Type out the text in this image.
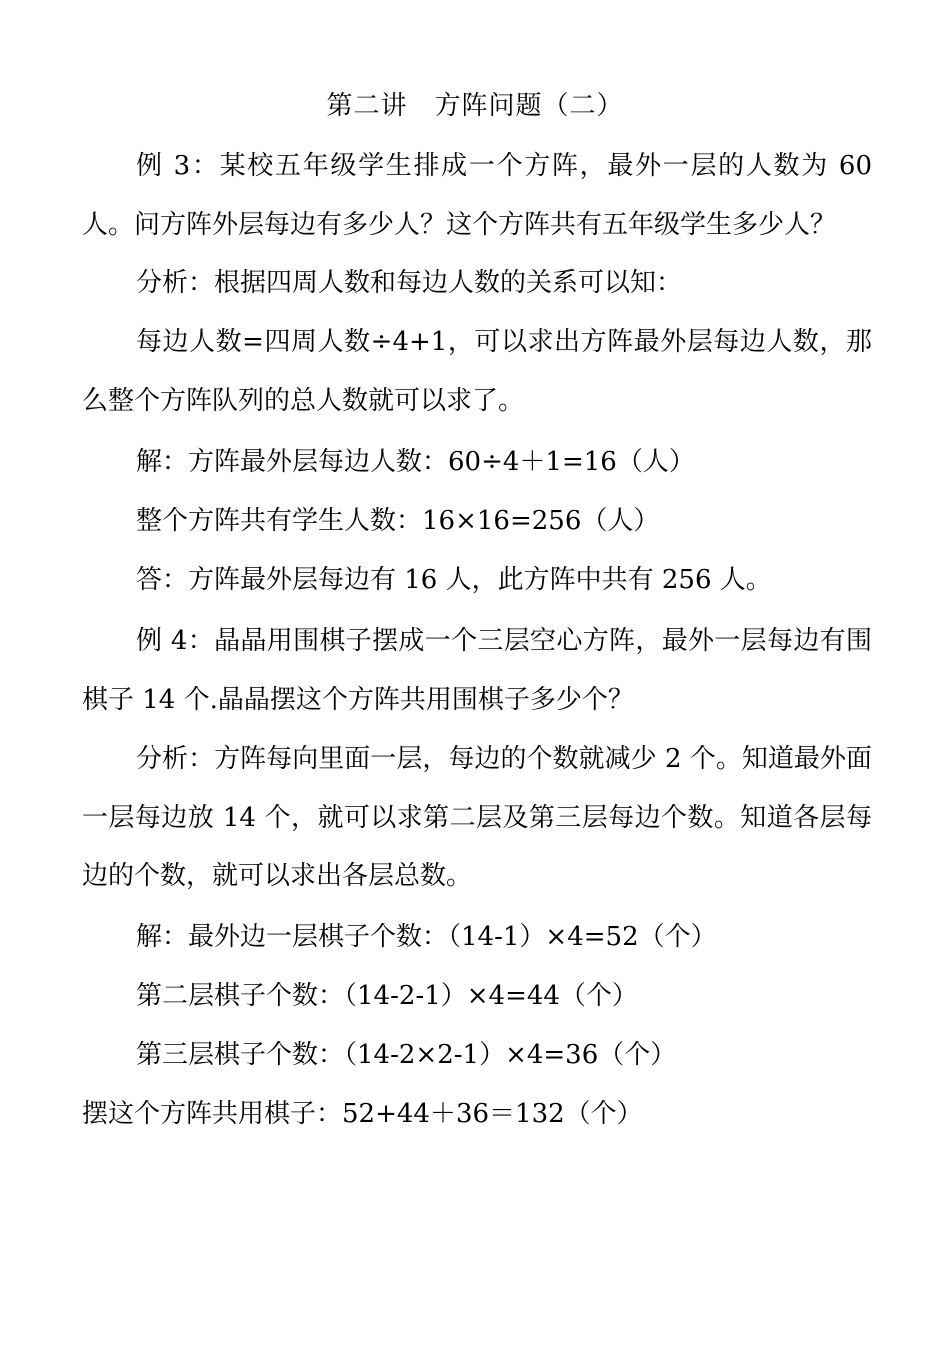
第二讲　方阵问题（二）
例 3：某校五年级学生排成一个方阵，最外一层的人数为 60 人。问方阵外层每边有多少人？这个方阵共有五年级学生多少人？
分析：根据四周人数和每边人数的关系可以知：
每边人数=四周人数÷4+1，可以求出方阵最外层每边人数，那么整个方阵队列的总人数就可以求了。
解：方阵最外层每边人数：60÷4＋1=16（人）
整个方阵共有学生人数：16×16=256（人）
答：方阵最外层每边有 16 人，此方阵中共有 256 人。
例 4：晶晶用围棋子摆成一个三层空心方阵，最外一层每边有围棋子 14 个.晶晶摆这个方阵共用围棋子多少个？
分析：方阵每向里面一层，每边的个数就减少 2 个。知道最外面一层每边放 14 个，就可以求第二层及第三层每边个数。知道各层每边的个数，就可以求出各层总数。
解：最外边一层棋子个数：（14-1）×4=52（个）
第二层棋子个数：（14-2-1）×4=44（个）
第三层棋子个数：（14-2×2-1）×4=36（个）
摆这个方阵共用棋子：52+44＋36＝132（个）
